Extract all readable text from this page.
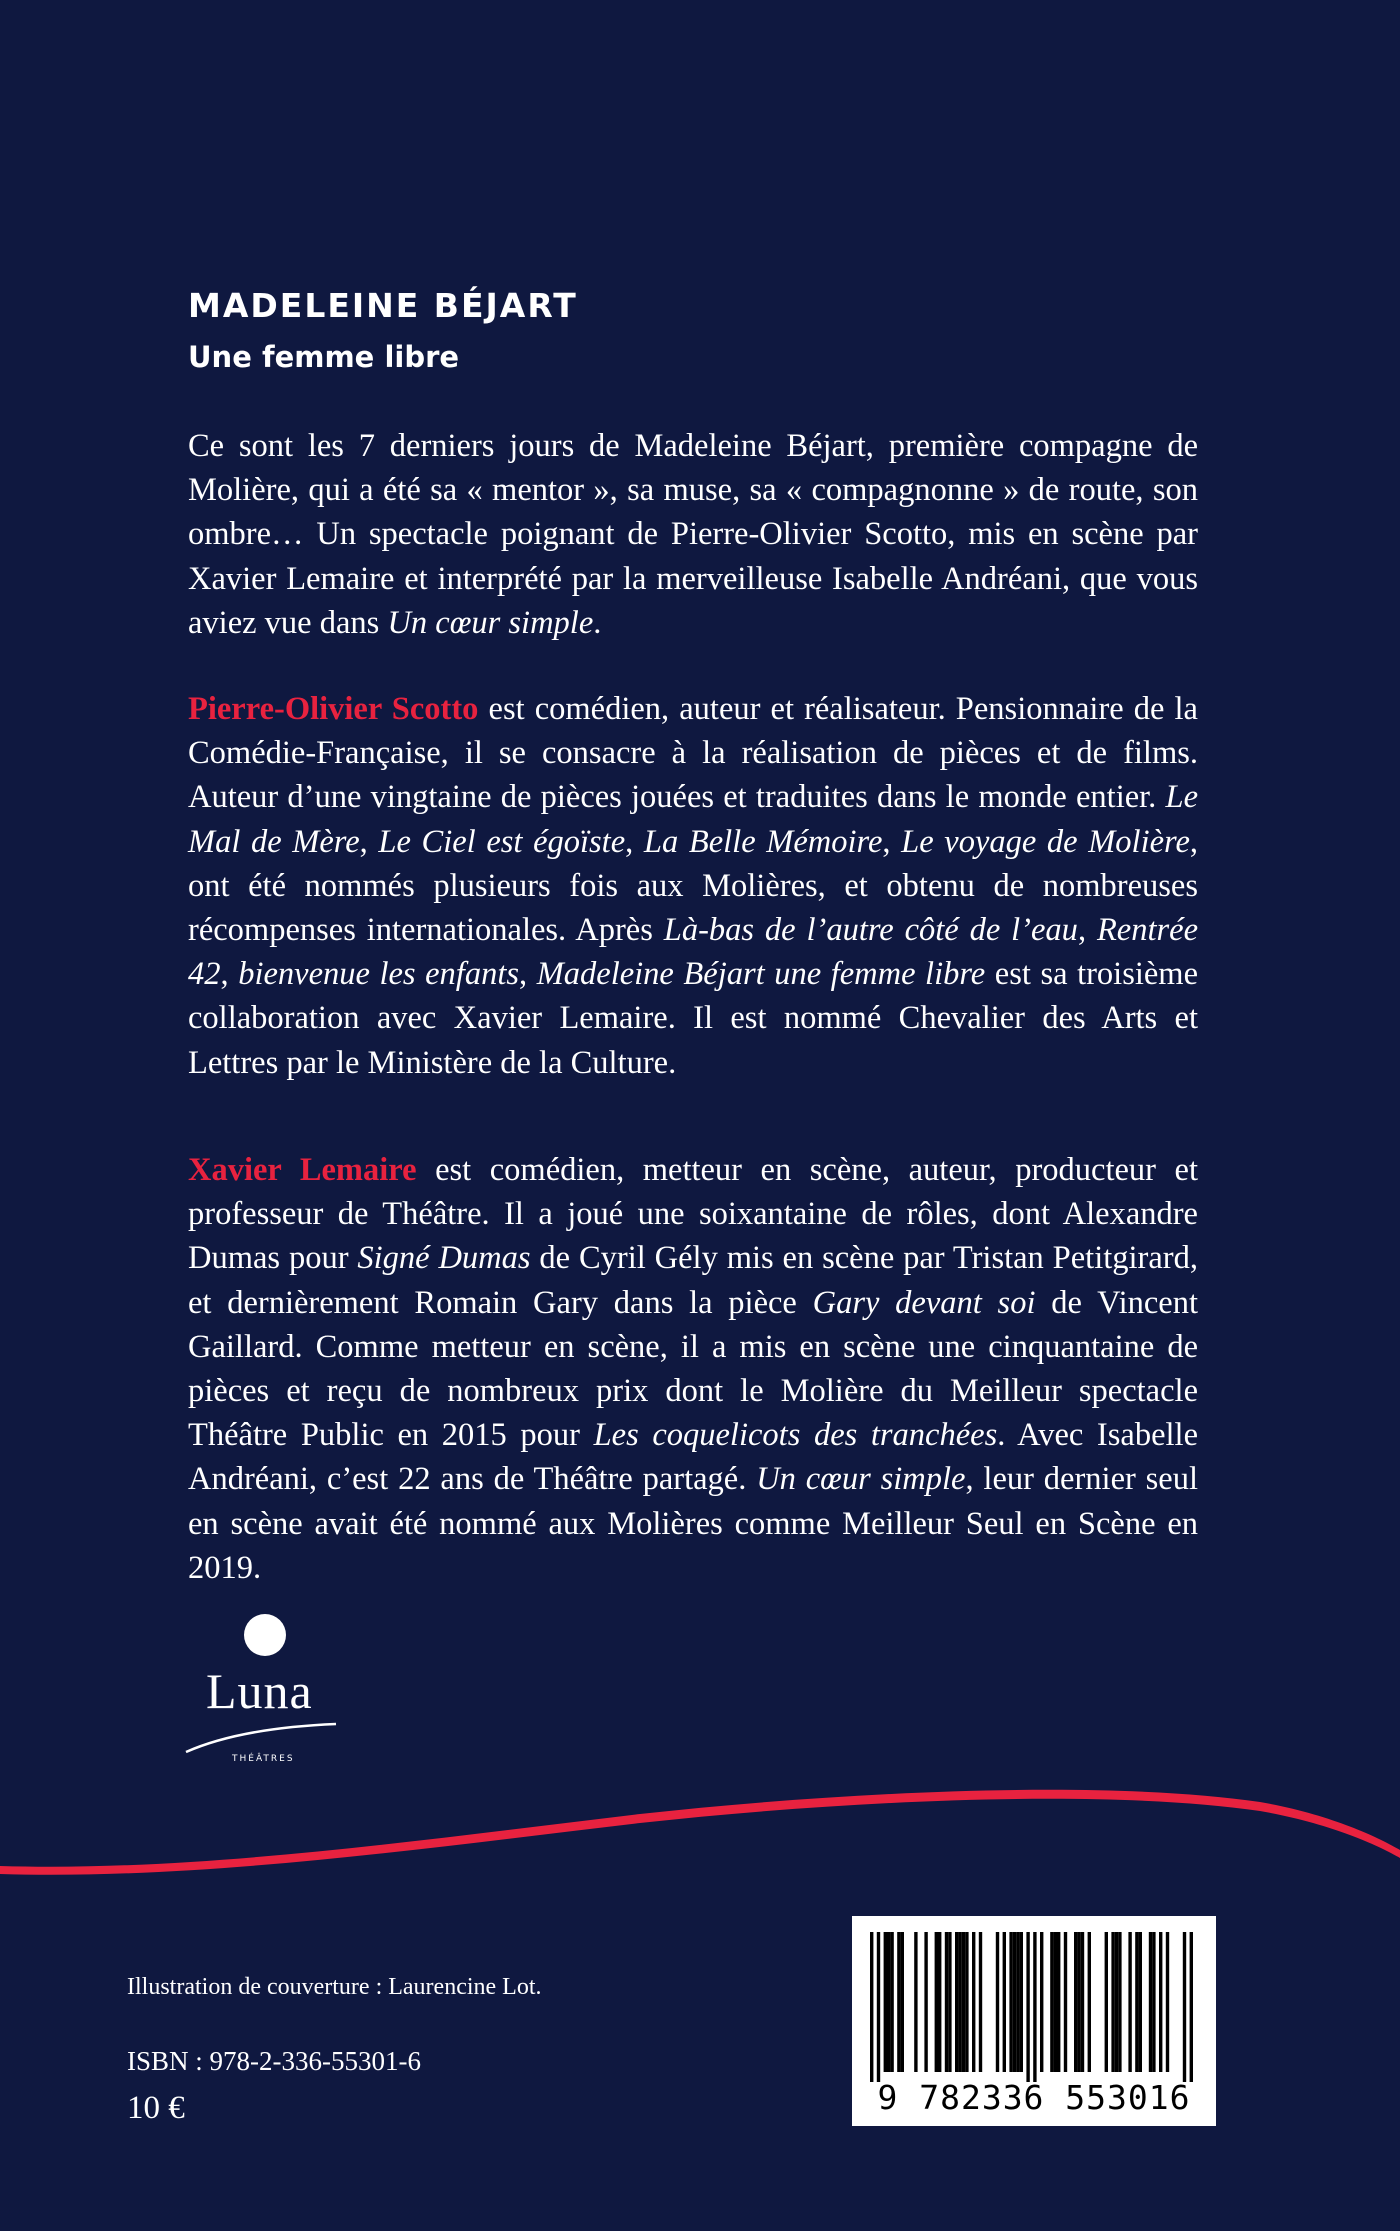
MADELEINE BÉJART
Une femme libre

Ce sont les 7 derniers jours de Madeleine Béjart, première compagne de Molière, qui a été sa « mentor », sa muse, sa « compagnonne » de route, son ombre… Un spectacle poignant de Pierre-Olivier Scotto, mis en scène par Xavier Lemaire et interprété par la merveilleuse Isabelle Andréani, que vous aviez vue dans Un cœur simple.

Pierre-Olivier Scotto est comédien, auteur et réalisateur. Pensionnaire de la Comédie-Française, il se consacre à la réalisation de pièces et de films. Auteur d’une vingtaine de pièces jouées et traduites dans le monde entier. Le Mal de Mère, Le Ciel est égoïste, La Belle Mémoire, Le voyage de Molière, ont été nommés plusieurs fois aux Molières, et obtenu de nombreuses récompenses internationales. Après Là-bas de l’autre côté de l’eau, Rentrée 42, bienvenue les enfants, Madeleine Béjart une femme libre est sa troisième collaboration avec Xavier Lemaire. Il est nommé Chevalier des Arts et Lettres par le Ministère de la Culture.

Xavier Lemaire est comédien, metteur en scène, auteur, producteur et professeur de Théâtre. Il a joué une soixantaine de rôles, dont Alexandre Dumas pour Signé Dumas de Cyril Gély mis en scène par Tristan Petitgirard, et dernièrement Romain Gary dans la pièce Gary devant soi de Vincent Gaillard. Comme metteur en scène, il a mis en scène une cinquantaine de pièces et reçu de nombreux prix dont le Molière du Meilleur spectacle Théâtre Public en 2015 pour Les coquelicots des tranchées. Avec Isabelle Andréani, c’est 22 ans de Théâtre partagé. Un cœur simple, leur dernier seul en scène avait été nommé aux Molières comme Meilleur Seul en Scène en 2019.

Luna
THÉÂTRES
Illustration de couverture : Laurencine Lot.
ISBN : 978-2-336-55301-6
10 €	9 782336 553016
